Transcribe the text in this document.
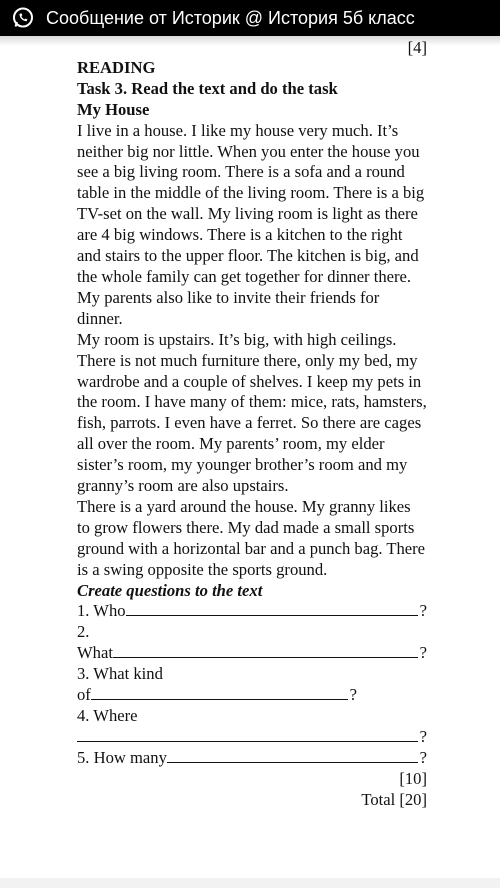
Сообщение от Историк @ История 5б класс
[4]
READING
Task 3. Read the text and do the task
My House

I live in a house. I like my house very much. It’s neither big nor little. When you enter the house you see a big living room. There is a sofa and a round table in the middle of the living room. There is a big TV-set on the wall. My living room is light as there are 4 big windows. There is a kitchen to the right and stairs to the upper floor. The kitchen is big, and the whole family can get together for dinner there. My parents also like to invite their friends for dinner.

My room is upstairs. It’s big, with high ceilings. There is not much furniture there, only my bed, my wardrobe and a couple of shelves. I keep my pets in the room. I have many of them: mice, rats, hamsters, fish, parrots. I even have a ferret. So there are cages all over the room. My parents’ room, my elder sister’s room, my younger brother’s room and my granny’s room are also upstairs.

There is a yard around the house. My granny likes to grow flowers there. My dad made a small sports ground with a horizontal bar and a punch bag. There is a swing opposite the sports ground.

Create questions to the text
1. Who	?
2.
What	?
3. What kind
of	?
4. Where
?
5. How many	?
[10]
Total [20]
